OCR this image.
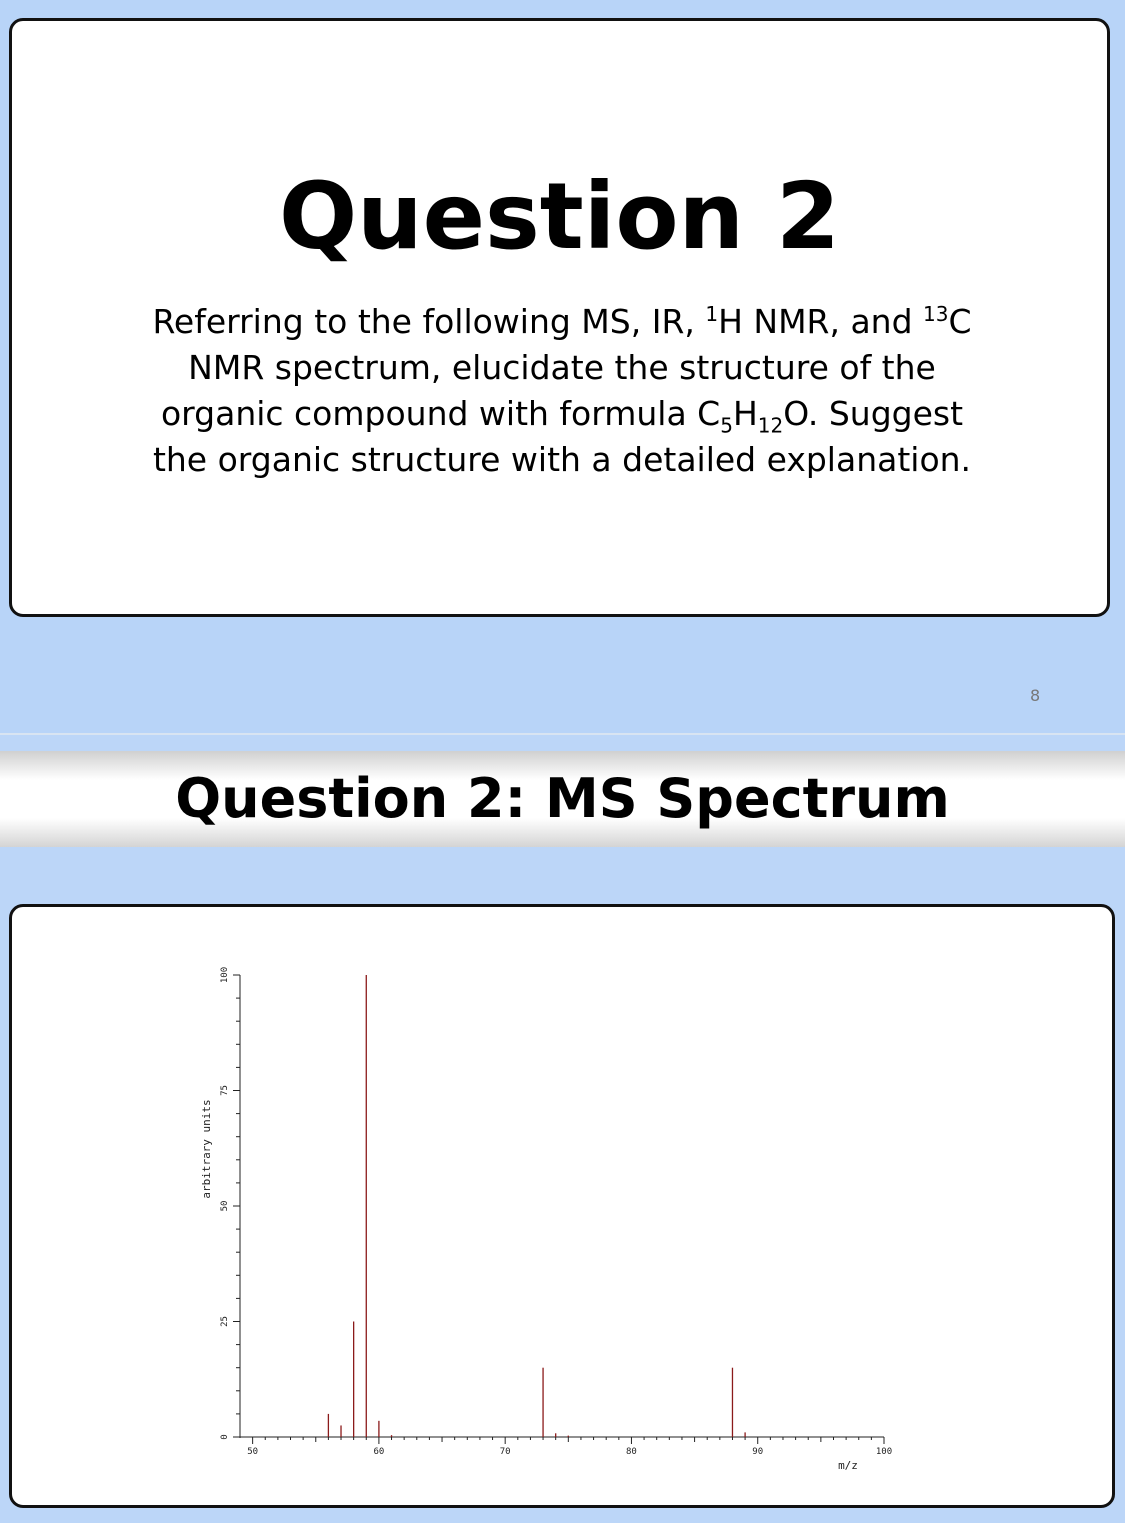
Question 2
Referring to the following MS, IR, $^1$H NMR, and $^{13}$C NMR spectrum, elucidate the structure of the organic compound with formula $C_5H_{12}O$. Suggest the organic structure with a detailed explanation.
8
Question 2: MS Spectrum
50	60	70	80	90	100
0
25
50
75
100
m/z
arbitrary units
